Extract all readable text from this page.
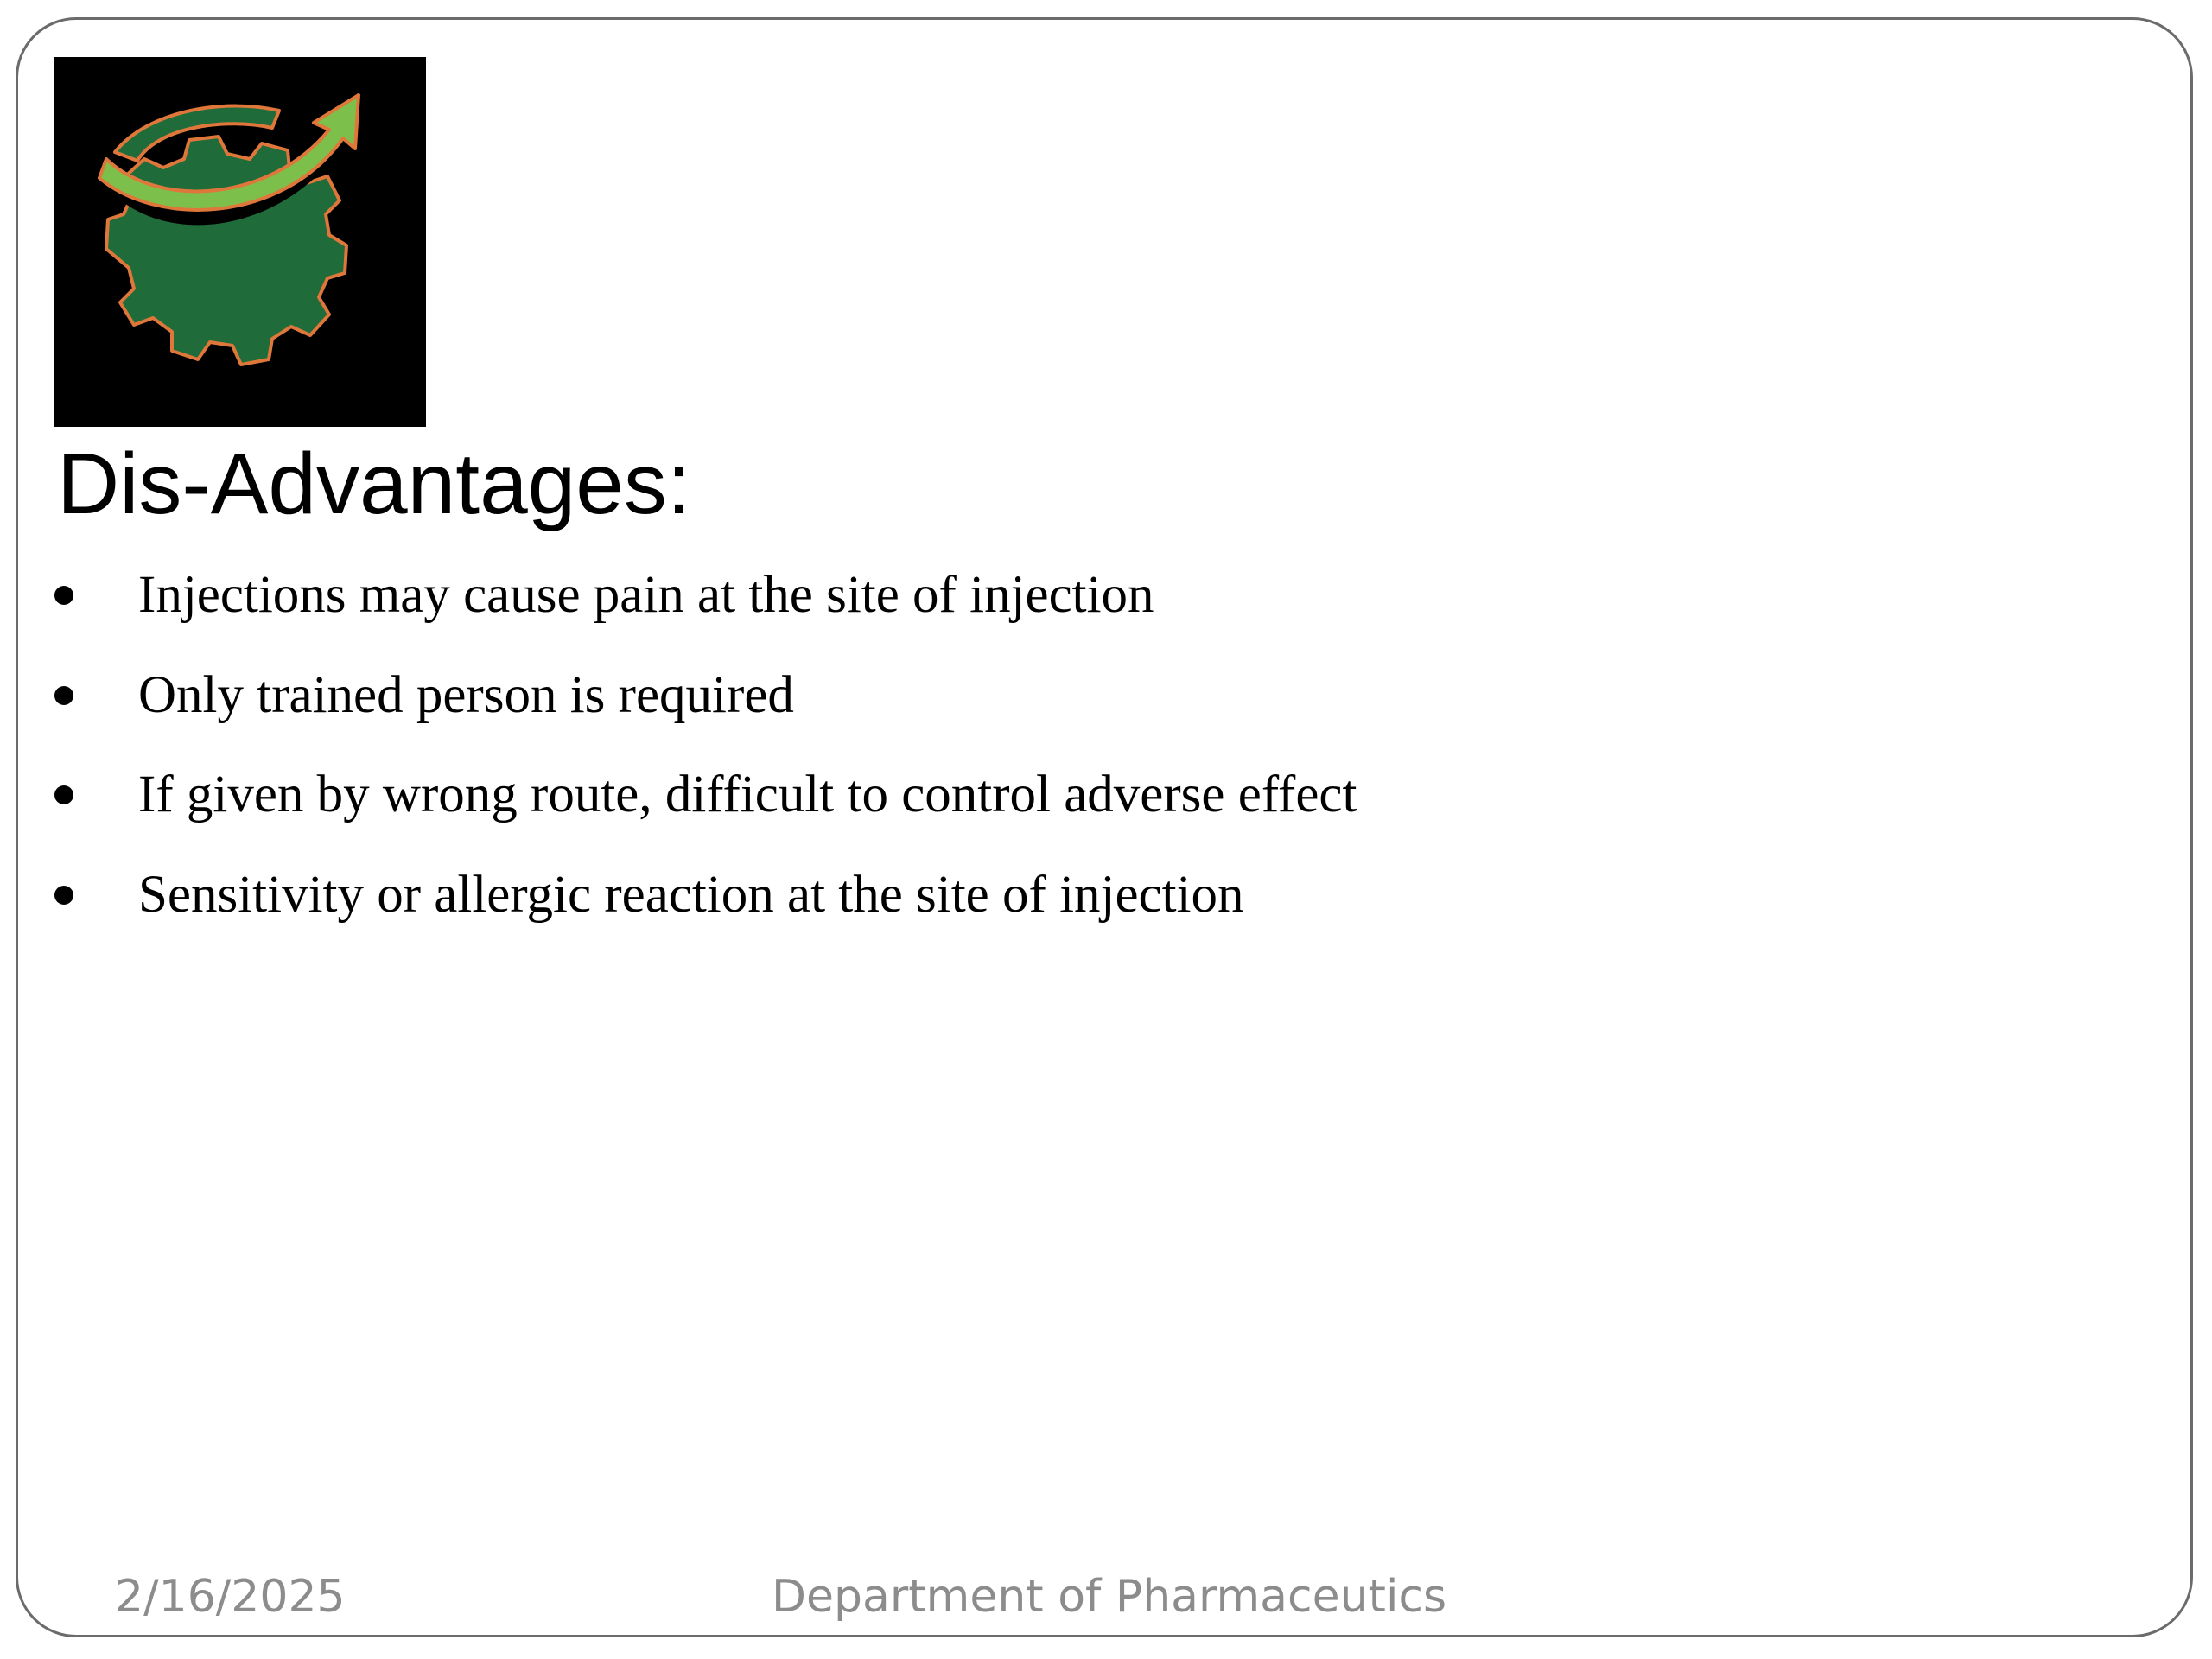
Dis-Advantages:
Injections may cause pain at the site of injection
Only trained person is required
If given by wrong route, difficult to control adverse effect
Sensitivity or allergic reaction at the site of injection
2/16/2025	Department of Pharmaceutics
